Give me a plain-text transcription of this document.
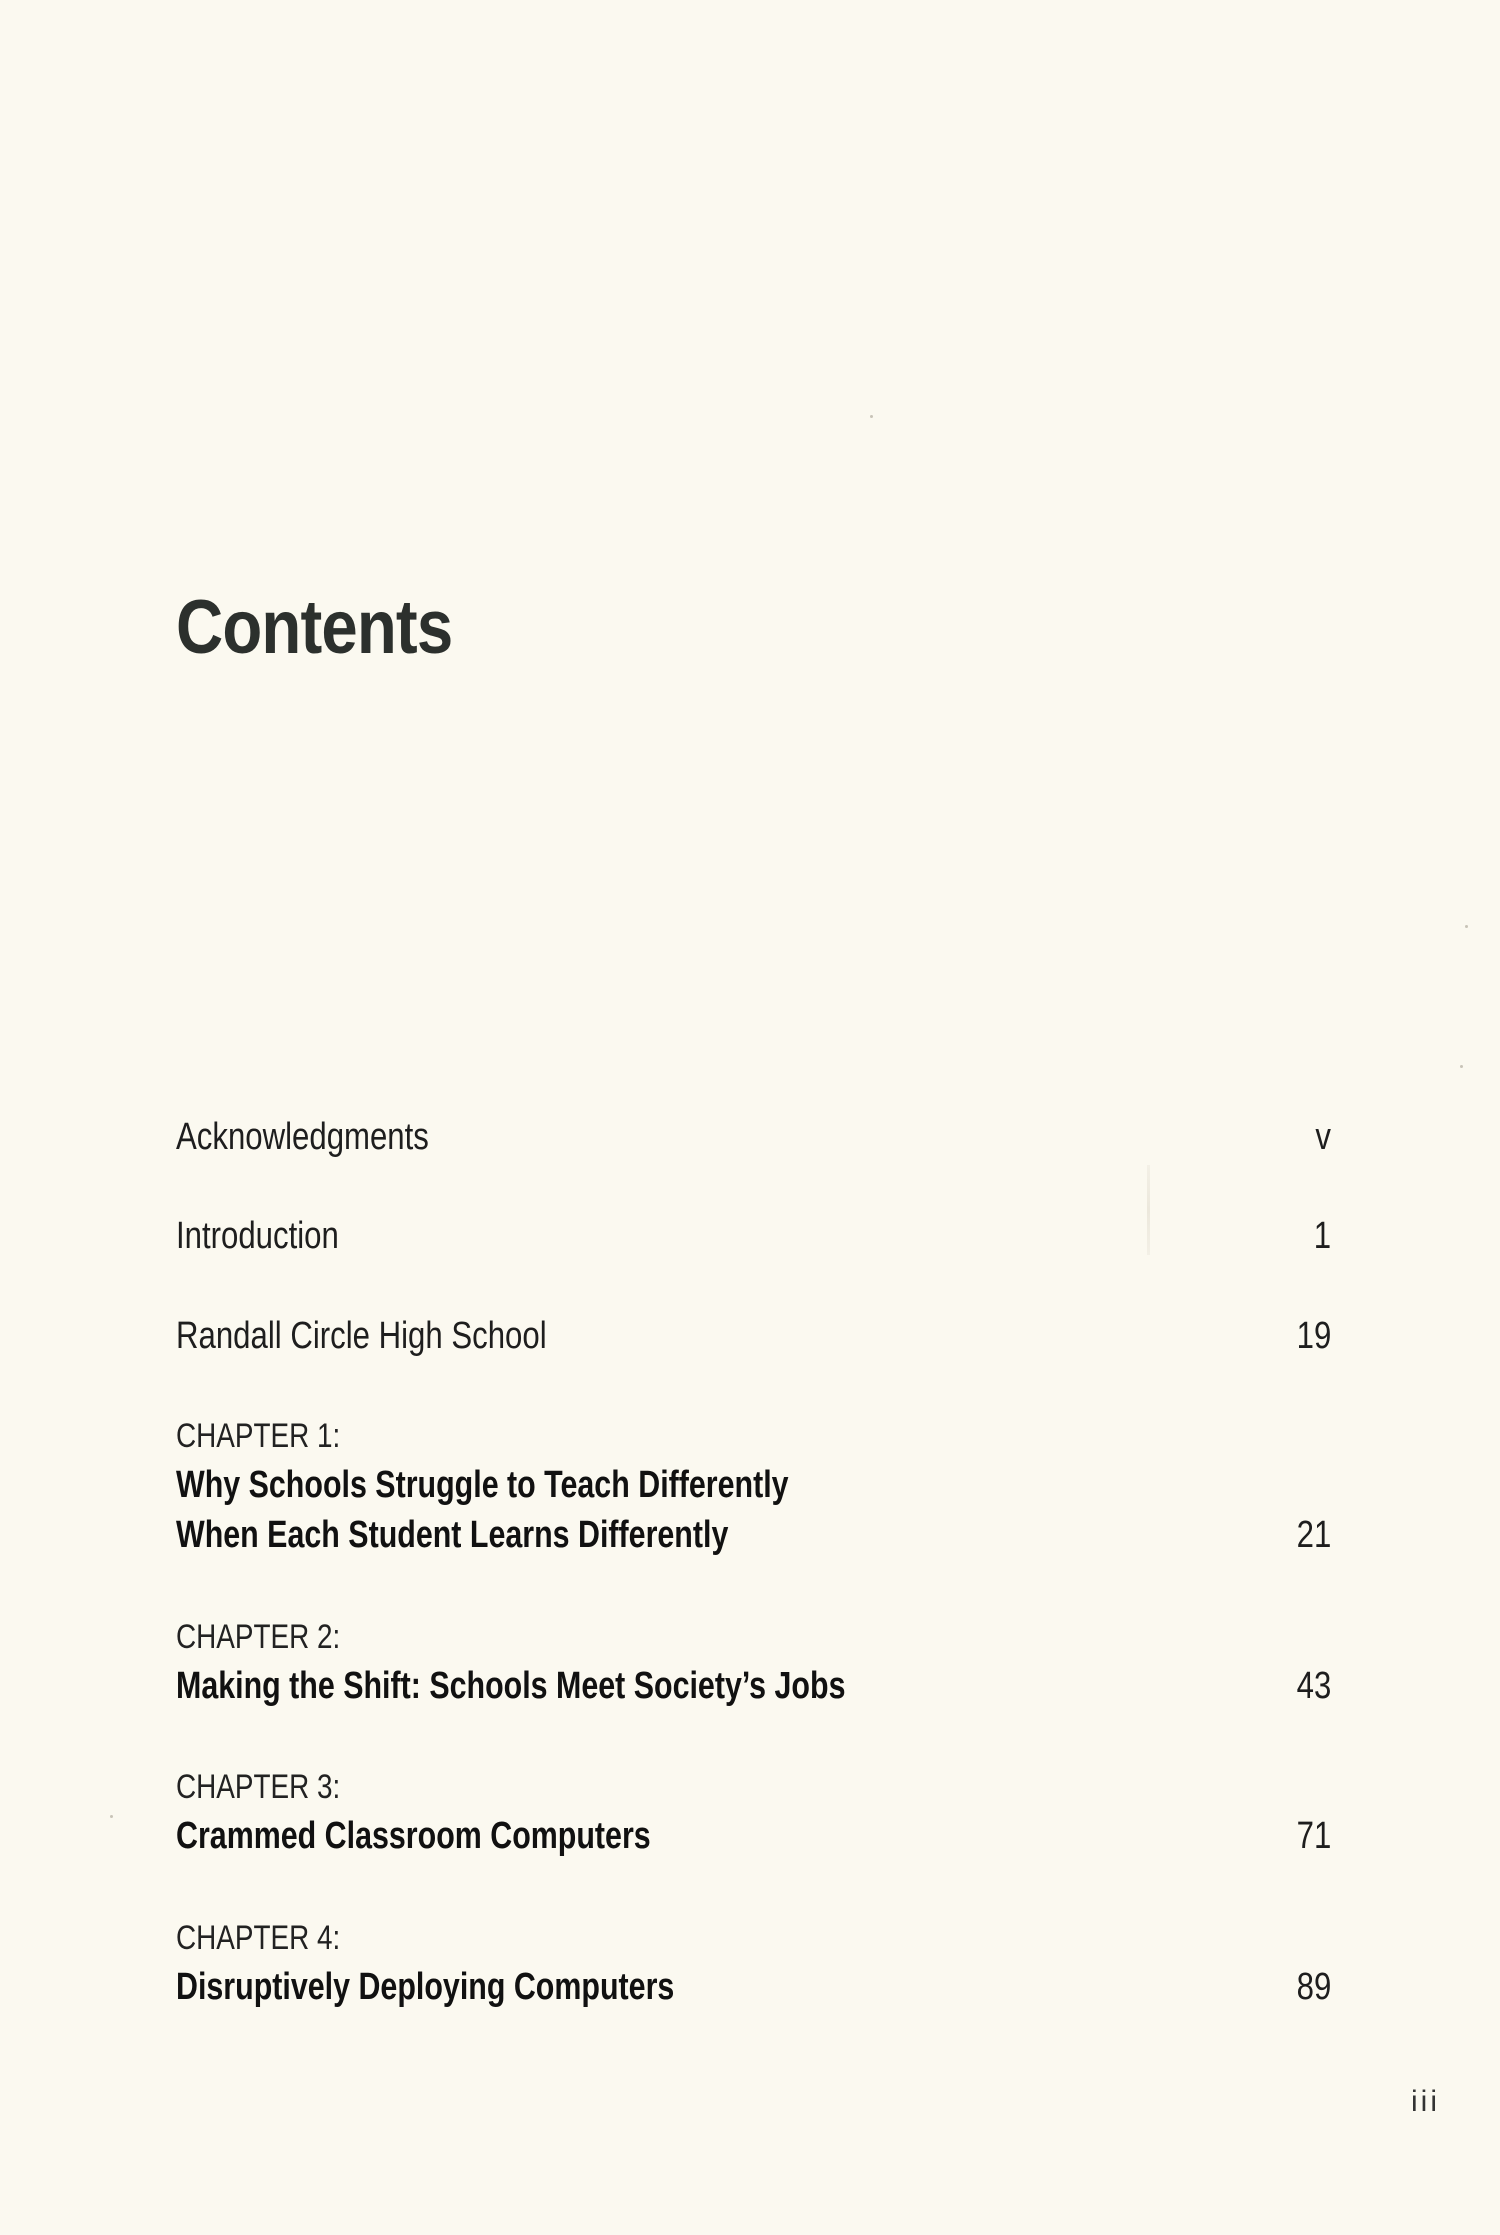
Contents
Acknowledgments	v
Introduction	1
Randall Circle High School	19
CHAPTER 1:
Why Schools Struggle to Teach Differently
When Each Student Learns Differently	21
CHAPTER 2:
Making the Shift: Schools Meet Society’s Jobs	43
CHAPTER 3:
Crammed Classroom Computers	71
CHAPTER 4:
Disruptively Deploying Computers	89
iii
